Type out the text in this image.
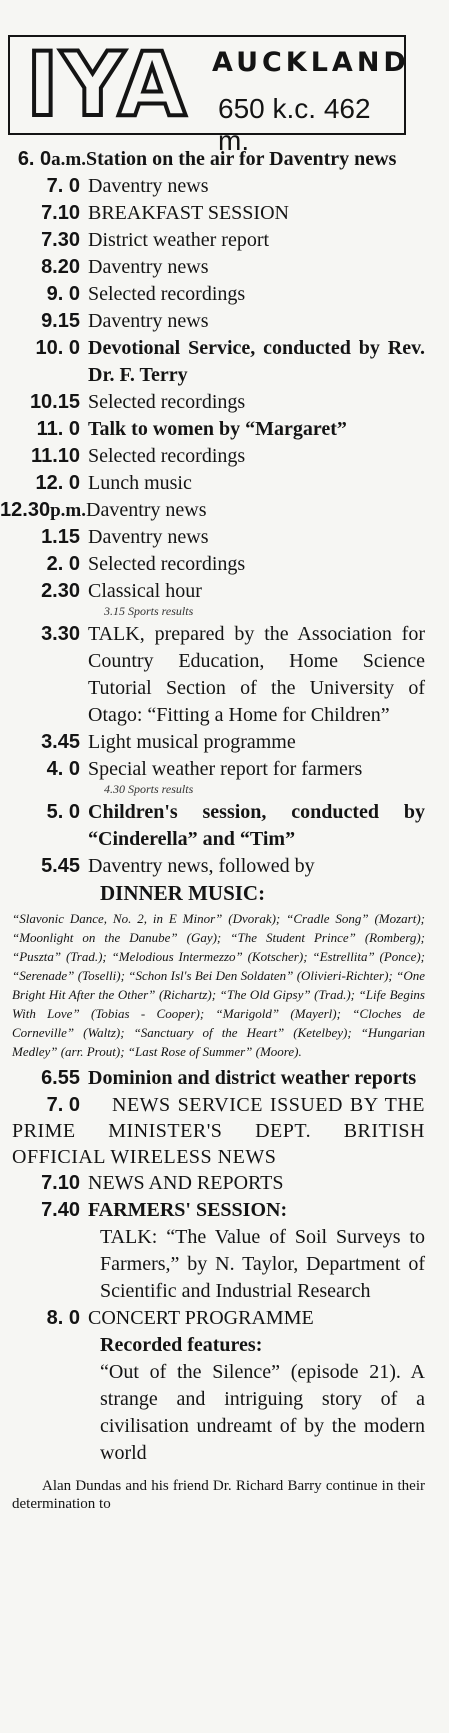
IYA AUCKLAND
650 k.c. 462 m.
6. 0a.m. Station on the air for Daventry news
7. 0 Daventry news
7.10 BREAKFAST SESSION
7.30 District weather report
8.20 Daventry news
9. 0 Selected recordings
9.15 Daventry news
10. 0 Devotional Service, conducted by Rev. Dr. F. Terry
10.15 Selected recordings
11. 0 Talk to women by “Margaret”
11.10 Selected recordings
12. 0 Lunch music
12.30p.m. Daventry news
1.15 Daventry news
2. 0 Selected recordings
2.30 Classical hour
3.15 Sports results
3.30 TALK, prepared by the Association for Country Education, Home Science Tutorial Section of the University of Otago: “Fitting a Home for Children”
3.45 Light musical programme
4. 0 Special weather report for farmers
4.30 Sports results
5. 0 Children's session, conducted by “Cinderella” and “Tim”
5.45 Daventry news, followed by
DINNER MUSIC:
“Slavonic Dance, No. 2, in E Minor” (Dvorak); “Cradle Song” (Mozart); “Moonlight on the Danube” (Gay); “The Student Prince” (Romberg); “Puszta” (Trad.); “Melodious Intermezzo” (Kotscher); “Estrellita” (Ponce); “Serenade” (Toselli); “Schon Isl's Bei Den Soldaten” (Olivieri-Richter); “One Bright Hit After the Other” (Richartz); “The Old Gipsy” (Trad.); “Life Begins With Love” (Tobias - Cooper); “Marigold” (Mayerl); “Cloches de Corneville” (Waltz); “Sanctuary of the Heart” (Ketelbey); “Hungarian Medley” (arr. Prout); “Last Rose of Summer” (Moore).
6.55 Dominion and district weather reports
7. 0	NEWS SERVICE ISSUED BY THE PRIME MINISTER'S DEPT. BRITISH OFFICIAL WIRELESS NEWS
7.10 NEWS AND REPORTS
7.40 FARMERS' SESSION:
TALK: “The Value of Soil Surveys to Farmers,” by N. Taylor, Department of Scientific and Industrial Research
8. 0 CONCERT PROGRAMME
Recorded features:
“Out of the Silence” (episode 21). A strange and intriguing story of a civilisation undreamt of by the modern world
Alan Dundas and his friend Dr. Richard Barry continue in their determination to
